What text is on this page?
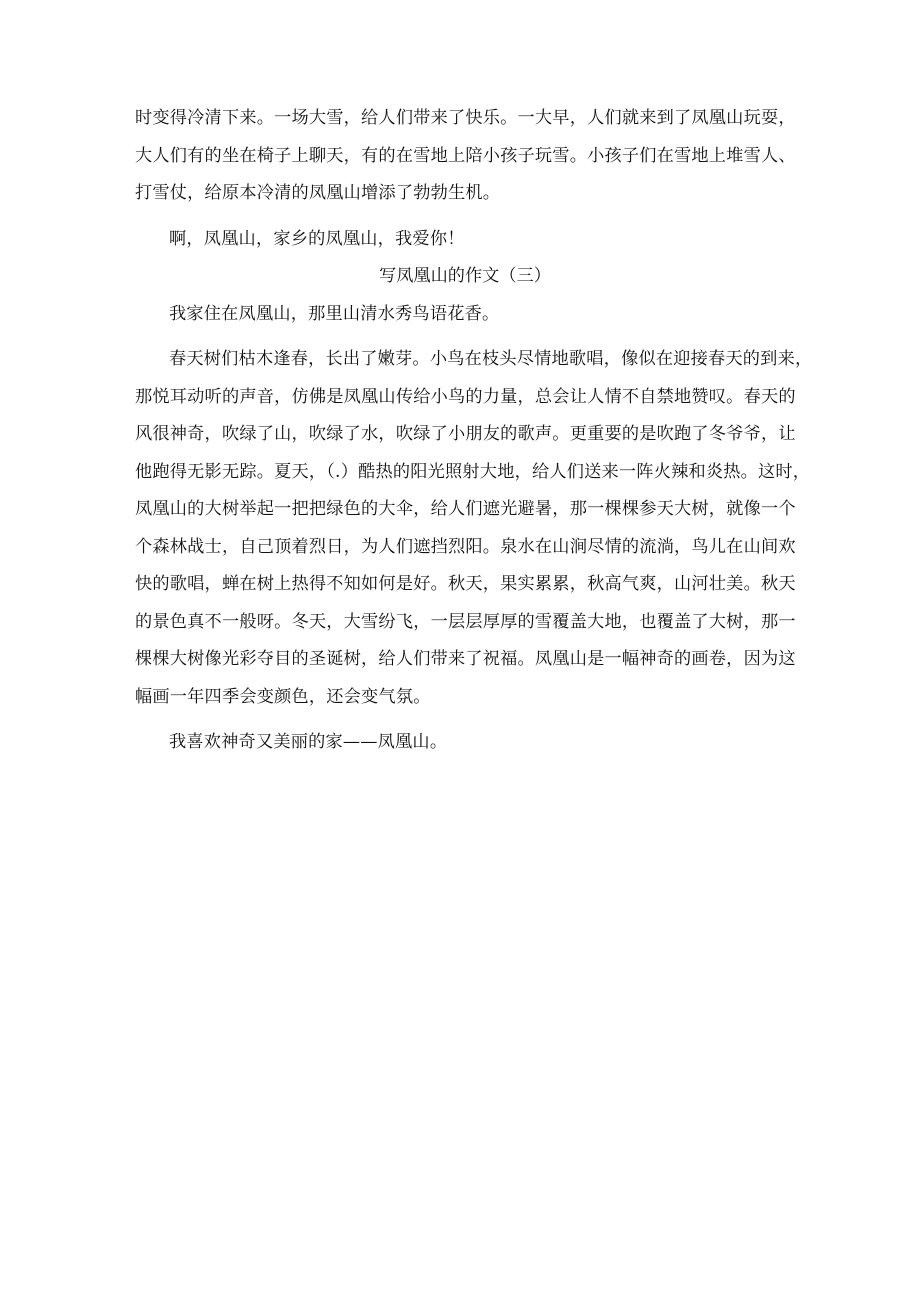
时变得冷清下来。一场大雪，给人们带来了快乐。一大早，人们就来到了凤凰山玩耍，
大人们有的坐在椅子上聊天，有的在雪地上陪小孩子玩雪。小孩子们在雪地上堆雪人、
打雪仗，给原本冷清的凤凰山增添了勃勃生机。
啊，凤凰山，家乡的凤凰山，我爱你！
写凤凰山的作文（三）
我家住在凤凰山，那里山清水秀鸟语花香。
春天树们枯木逢春，长出了嫩芽。小鸟在枝头尽情地歌唱，像似在迎接春天的到来，
那悦耳动听的声音，仿佛是凤凰山传给小鸟的力量，总会让人情不自禁地赞叹。春天的
风很神奇，吹绿了山，吹绿了水，吹绿了小朋友的歌声。更重要的是吹跑了冬爷爷，让
他跑得无影无踪。夏天，（.）酷热的阳光照射大地，给人们送来一阵火辣和炎热。这时，
凤凰山的大树举起一把把绿色的大伞，给人们遮光避暑，那一棵棵参天大树，就像一个
个森林战士，自己顶着烈日，为人们遮挡烈阳。泉水在山涧尽情的流淌，鸟儿在山间欢
快的歌唱，蝉在树上热得不知如何是好。秋天，果实累累，秋高气爽，山河壮美。秋天
的景色真不一般呀。冬天，大雪纷飞，一层层厚厚的雪覆盖大地，也覆盖了大树，那一
棵棵大树像光彩夺目的圣诞树，给人们带来了祝福。凤凰山是一幅神奇的画卷，因为这
幅画一年四季会变颜色，还会变气氛。
我喜欢神奇又美丽的家——凤凰山。
